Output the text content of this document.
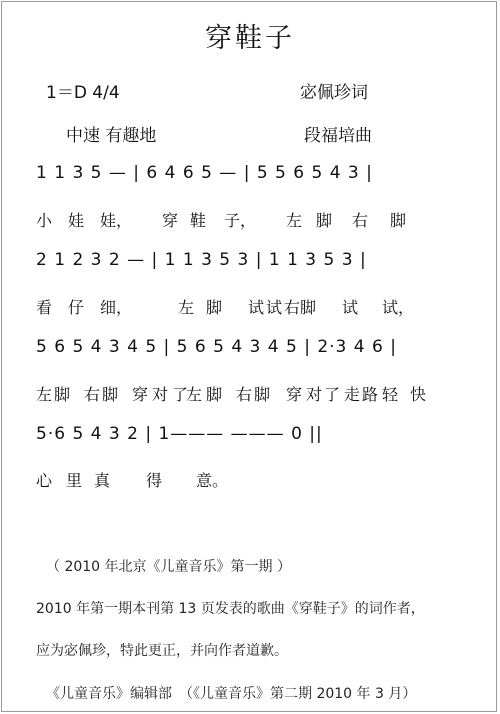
穿鞋子
1＝D 4/4	宓佩珍词
中速 有趣地	段福培曲
1 1 3 5 — | 6 4 6 5 — | 5 5 6 5 4 3 |
小 娃 娃， 穿 鞋 子， 左 脚 右 脚
2 1 2 3 2 — | 1 1 3 5 3 | 1 1 3 5 3 |
看 仔 细，	左 脚 试 试 右 脚 试 试，
5 6 5 4 3 4 5 | 5 6 5 4 3 4 5 | 2·3 4 6 |
左 脚 右 脚 穿 对 了
左 脚 右 脚 穿 对 了 走 路 轻 快
5·6 5 4 3 2 | 1——— ——— 0 ||
心 里 真 得 意。
（ 2010 年北京《儿童音乐》第一期 ）
2010 年第一期本刊第 13 页发表的歌曲《穿鞋子》的词作者，
应为宓佩珍，特此更正，并向作者道歉。
《儿童音乐》编辑部　（《儿童音乐》第二期 2010 年 3 月）
